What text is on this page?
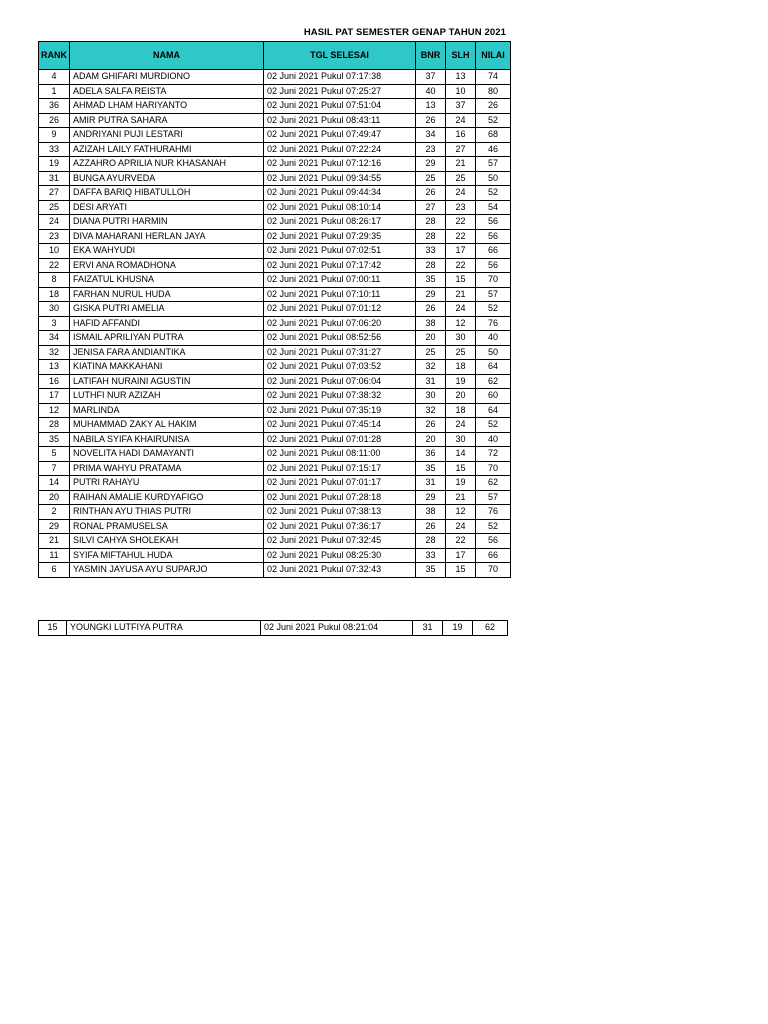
HASIL PAT SEMESTER GENAP TAHUN 2021
RANK	NAMA	TGL SELESAI	BNR	SLH	NILAI
4	ADAM GHIFARI MURDIONO	02 Juni 2021 Pukul 07:17:38	37	13	74
1	ADELA SALFA REISTA	02 Juni 2021 Pukul 07:25:27	40	10	80
36	AHMAD LHAM HARIYANTO	02 Juni 2021 Pukul 07:51:04	13	37	26
26	AMIR PUTRA SAHARA	02 Juni 2021 Pukul 08:43:11	26	24	52
9	ANDRIYANI PUJI LESTARI	02 Juni 2021 Pukul 07:49:47	34	16	68
33	AZIZAH LAILY FATHURAHMI	02 Juni 2021 Pukul 07:22:24	23	27	46
19	AZZAHRO APRILIA NUR KHASANAH	02 Juni 2021 Pukul 07:12:16	29	21	57
31	BUNGA AYURVEDA	02 Juni 2021 Pukul 09:34:55	25	25	50
27	DAFFA BARIQ HIBATULLOH	02 Juni 2021 Pukul 09:44:34	26	24	52
25	DESI ARYATI	02 Juni 2021 Pukul 08:10:14	27	23	54
24	DIANA PUTRI HARMIN	02 Juni 2021 Pukul 08:26:17	28	22	56
23	DIVA MAHARANI HERLAN JAYA	02 Juni 2021 Pukul 07:29:35	28	22	56
10	EKA WAHYUDI	02 Juni 2021 Pukul 07:02:51	33	17	66
22	ERVI ANA ROMADHONA	02 Juni 2021 Pukul 07:17:42	28	22	56
8	FAIZATUL KHUSNA	02 Juni 2021 Pukul 07:00:11	35	15	70
18	FARHAN NURUL HUDA	02 Juni 2021 Pukul 07:10:11	29	21	57
30	GISKA PUTRI AMELIA	02 Juni 2021 Pukul 07:01:12	26	24	52
3	HAFID AFFANDI	02 Juni 2021 Pukul 07:06:20	38	12	76
34	ISMAIL APRILIYAN PUTRA	02 Juni 2021 Pukul 08:52:56	20	30	40
32	JENISA FARA ANDIANTIKA	02 Juni 2021 Pukul 07:31:27	25	25	50
13	KIATINA MAKKAHANI	02 Juni 2021 Pukul 07:03:52	32	18	64
16	LATIFAH NURAINI AGUSTIN	02 Juni 2021 Pukul 07:06:04	31	19	62
17	LUTHFI NUR AZIZAH	02 Juni 2021 Pukul 07:38:32	30	20	60
12	MARLINDA	02 Juni 2021 Pukul 07:35:19	32	18	64
28	MUHAMMAD ZAKY AL HAKIM	02 Juni 2021 Pukul 07:45:14	26	24	52
35	NABILA SYIFA KHAIRUNISA	02 Juni 2021 Pukul 07:01:28	20	30	40
5	NOVELITA HADI DAMAYANTI	02 Juni 2021 Pukul 08:11:00	36	14	72
7	PRIMA WAHYU PRATAMA	02 Juni 2021 Pukul 07:15:17	35	15	70
14	PUTRI RAHAYU	02 Juni 2021 Pukul 07:01:17	31	19	62
20	RAIHAN AMALIE KURDYAFIGO	02 Juni 2021 Pukul 07:28:18	29	21	57
2	RINTHAN AYU THIAS PUTRI	02 Juni 2021 Pukul 07:38:13	38	12	76
29	RONAL PRAMUSELSA	02 Juni 2021 Pukul 07:36:17	26	24	52
21	SILVI CAHYA SHOLEKAH	02 Juni 2021 Pukul 07:32:45	28	22	56
11	SYIFA MIFTAHUL HUDA	02 Juni 2021 Pukul 08:25:30	33	17	66
6	YASMIN JAYUSA AYU SUPARJO	02 Juni 2021 Pukul 07:32:43	35	15	70
15	YOUNGKI LUTFIYA PUTRA	02 Juni 2021 Pukul 08:21:04	31	19	62
